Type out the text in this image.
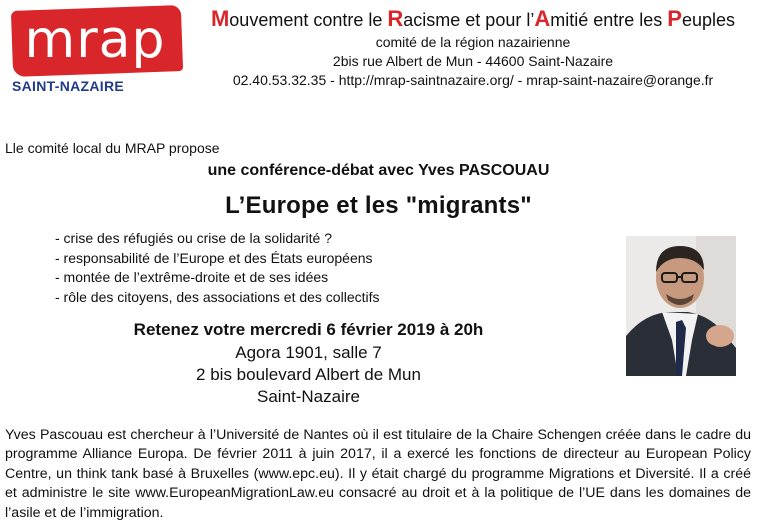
mrap
SAINT-NAZAIRE
Mouvement contre le Racisme et pour l’Amitié entre les Peuples
comité de la région nazairienne
2bis rue Albert de Mun - 44600 Saint-Nazaire
02.40.53.32.35 - http://mrap-saintnazaire.org/ - mrap-saint-nazaire@orange.fr
Lle comité local du MRAP propose
une conférence-débat avec Yves PASCOUAU
L’Europe et les "migrants"
- crise des réfugiés ou crise de la solidarité ?
- responsabilité de l’Europe et des États européens
- montée de l’extrême-droite et de ses idées
- rôle des citoyens, des associations et des collectifs
Retenez votre mercredi 6 février 2019 à 20h
Agora 1901, salle 7
2 bis boulevard Albert de Mun
Saint-Nazaire

Yves Pascouau est chercheur à l’Université de Nantes où il est titulaire de la Chaire Schengen créée dans le cadre du programme Alliance Europa. De février 2011 à juin 2017, il a exercé les fonctions de directeur au European Policy Centre, un think tank basé à Bruxelles (www.epc.eu). Il y était chargé du programme Migrations et Diversité. Il a créé et administre le site www.EuropeanMigrationLaw.eu consacré au droit et à la politique de l’UE dans les domaines de l’asile et de l’immigration.
